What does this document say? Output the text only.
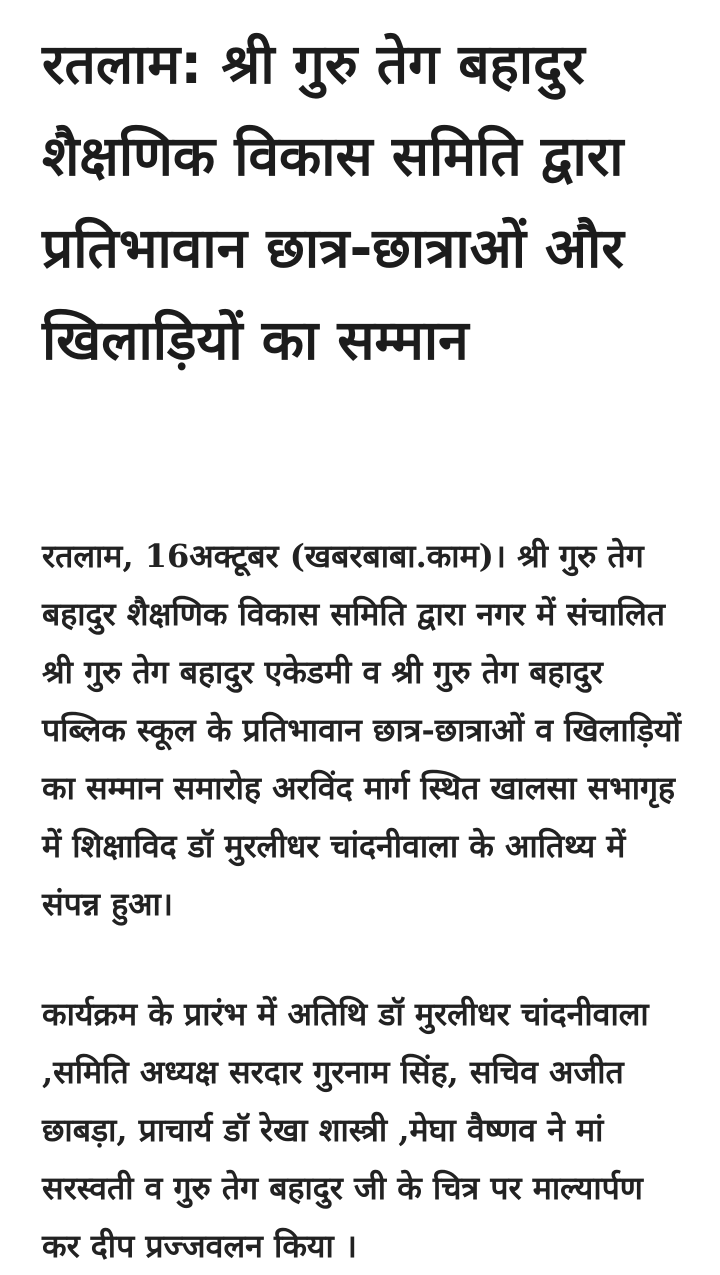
रतलाम: श्री गुरु तेग बहादुर शैक्षणिक विकास समिति द्वारा प्रतिभावान छात्र-छात्राओं और खिलाड़ियों का सम्मान

रतलाम, 16अक्टूबर (खबरबाबा.काम)। श्री गुरु तेग बहादुर शैक्षणिक विकास समिति द्वारा नगर में संचालित श्री गुरु तेग बहादुर एकेडमी व श्री गुरु तेग बहादुर पब्लिक स्कूल के प्रतिभावान छात्र-छात्राओं व खिलाड़ियों का सम्मान समारोह अरविंद मार्ग स्थित खालसा सभागृह में शिक्षाविद डॉ मुरलीधर चांदनीवाला के आतिथ्य में संपन्न हुआ।

कार्यक्रम के प्रारंभ में अतिथि डॉ मुरलीधर चांदनीवाला ,समिति अध्यक्ष सरदार गुरनाम सिंह, सचिव अजीत छाबड़ा, प्राचार्य डॉ रेखा शास्त्री ,मेघा वैष्णव ने मां सरस्वती व गुरु तेग बहादुर जी के चित्र पर माल्यार्पण कर दीप प्रज्जवलन किया ।
